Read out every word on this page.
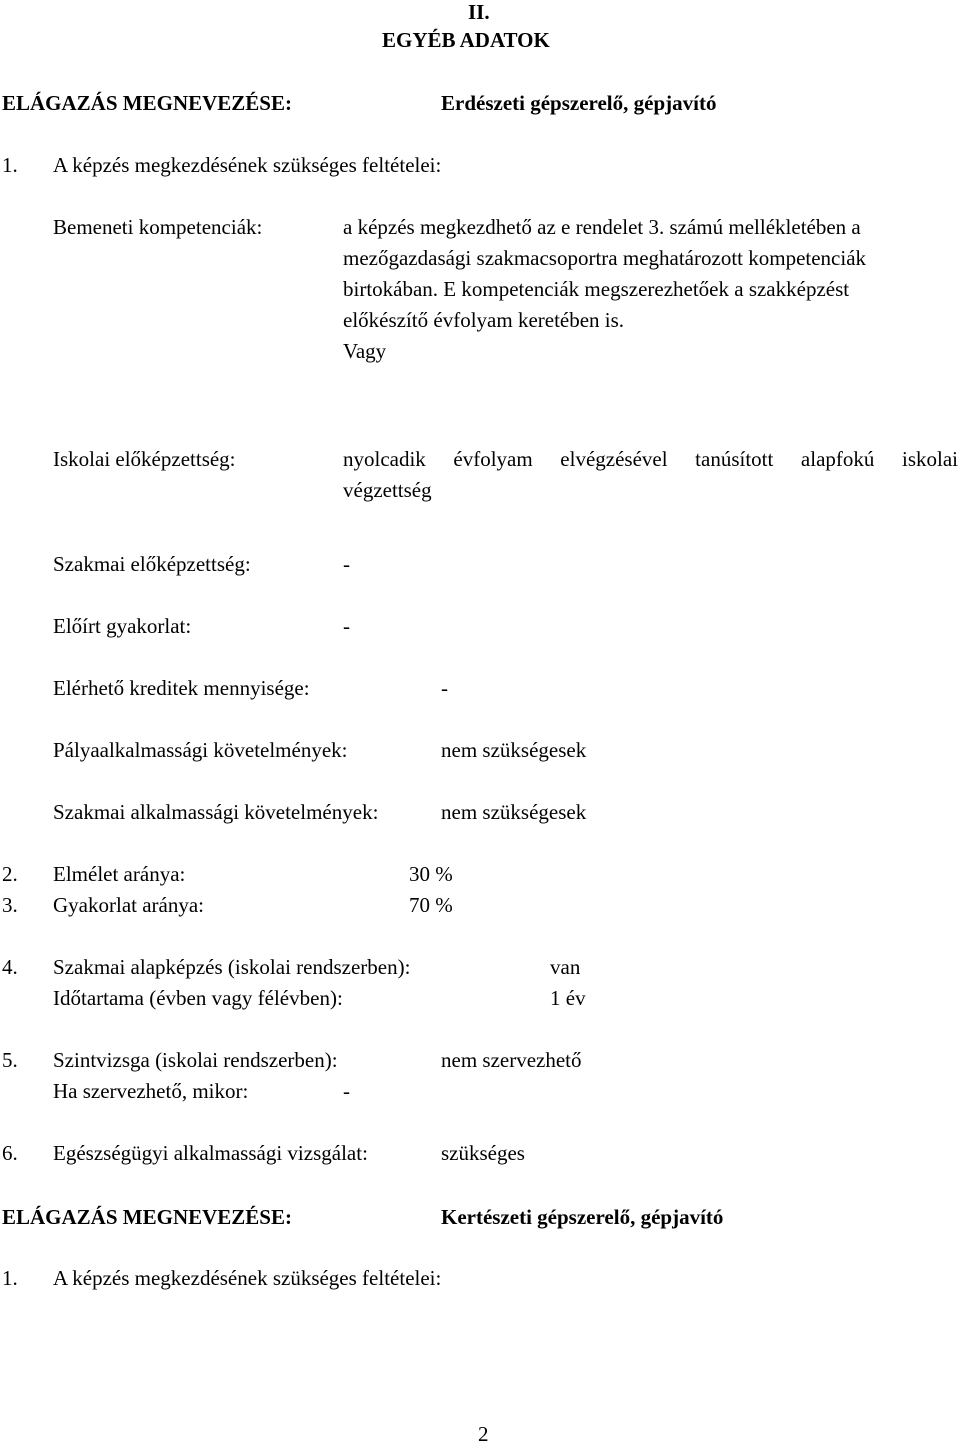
II.
EGYÉB ADATOK
ELÁGAZÁS MEGNEVEZÉSE:	Erdészeti gépszerelő, gépjavító
1. A képzés megkezdésének szükséges feltételei:
Bemeneti kompetenciák:	a képzés megkezdhető az e rendelet 3. számú mellékletében a
mezőgazdasági szakmacsoportra meghatározott kompetenciák
birtokában. E kompetenciák megszerezhetőek a szakképzést
előkészítő évfolyam keretében is.
Vagy
Iskolai előképzettség:	nyolcadik évfolyam elvégzésével tanúsított alapfokú iskolai
végzettség
Szakmai előképzettség:	-
Előírt gyakorlat:	-
Elérhető kreditek mennyisége:	-
Pályaalkalmassági követelmények:	nem szükségesek
Szakmai alkalmassági követelmények:	nem szükségesek
2. Elmélet aránya:	30 %
3. Gyakorlat aránya:	70 %
4. Szakmai alapképzés (iskolai rendszerben):	van
Időtartama (évben vagy félévben):	1 év
5. Szintvizsga (iskolai rendszerben):	nem szervezhető
Ha szervezhető, mikor:	-
6. Egészségügyi alkalmassági vizsgálat:	szükséges
ELÁGAZÁS MEGNEVEZÉSE:	Kertészeti gépszerelő, gépjavító
1. A képzés megkezdésének szükséges feltételei:
2
